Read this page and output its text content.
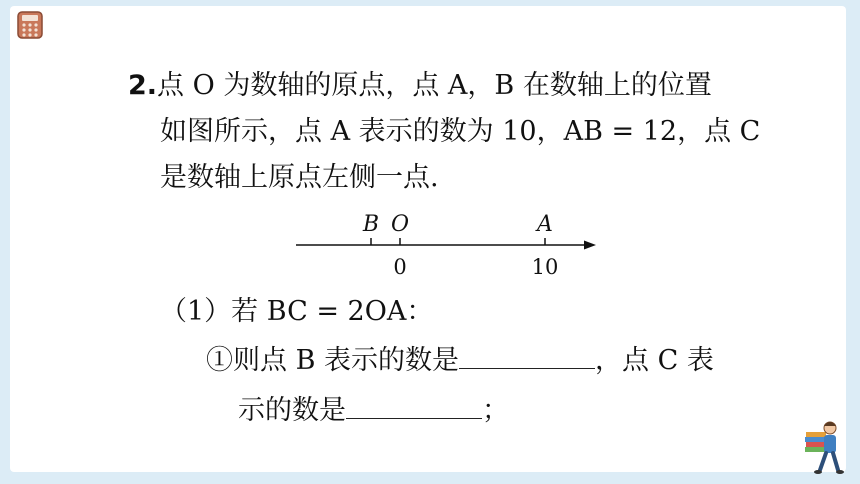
2.点 O 为数轴的原点，点 A，B 在数轴上的位置
如图所示，点 A 表示的数为 10，AB = 12，点 C
是数轴上原点左侧一点.
B O
0
A
10
（1）若 BC = 2OA：
①则点 B 表示的数是	，点 C 表
示的数是	；
